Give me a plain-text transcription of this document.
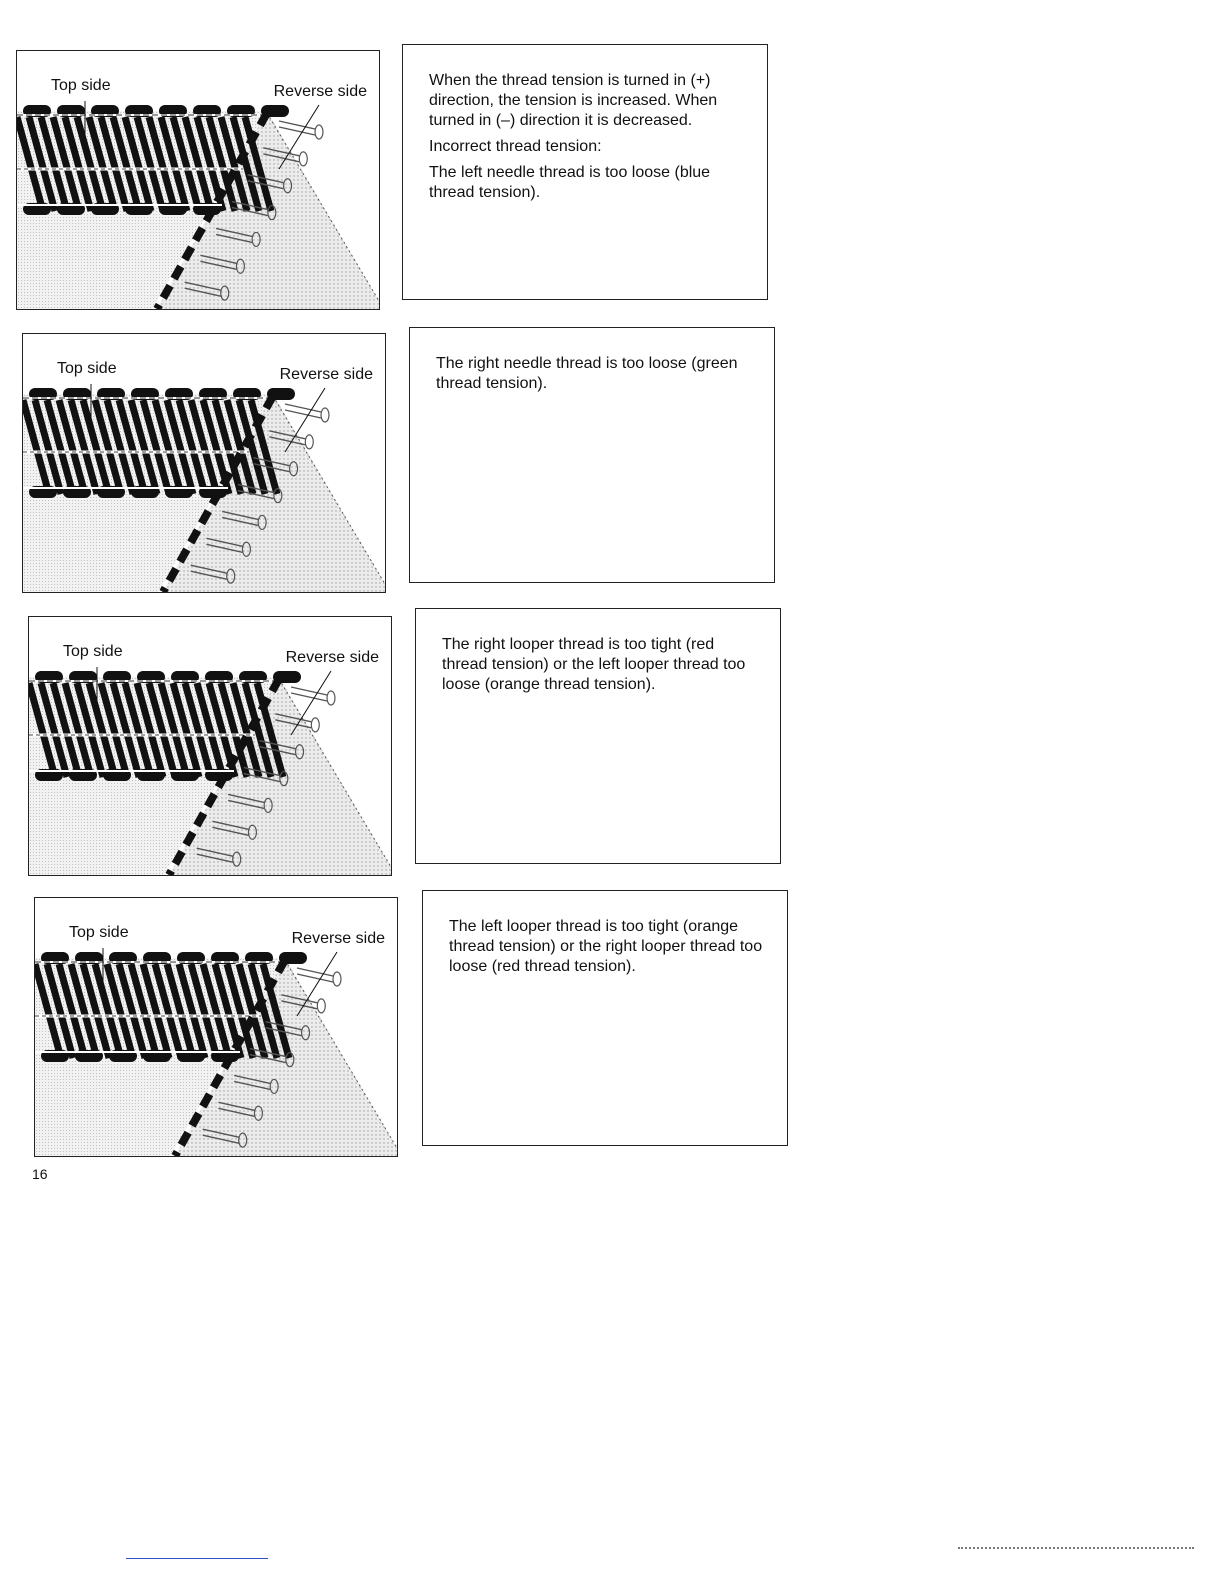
Top side	Reverse side
Top side	Reverse side
Top side	Reverse side
Top side	Reverse side

When the thread tension is turned in (+) direction, the tension is increased. When turned in (–) direction it is decreased.

Incorrect thread tension:

The left needle thread is too loose (blue thread tension).

The right needle thread is too loose (green thread tension).

The right looper thread is too tight (red thread tension) or the left looper thread too loose (orange thread tension).

The left looper thread is too tight (orange thread tension) or the right looper thread too loose (red thread tension).

16
